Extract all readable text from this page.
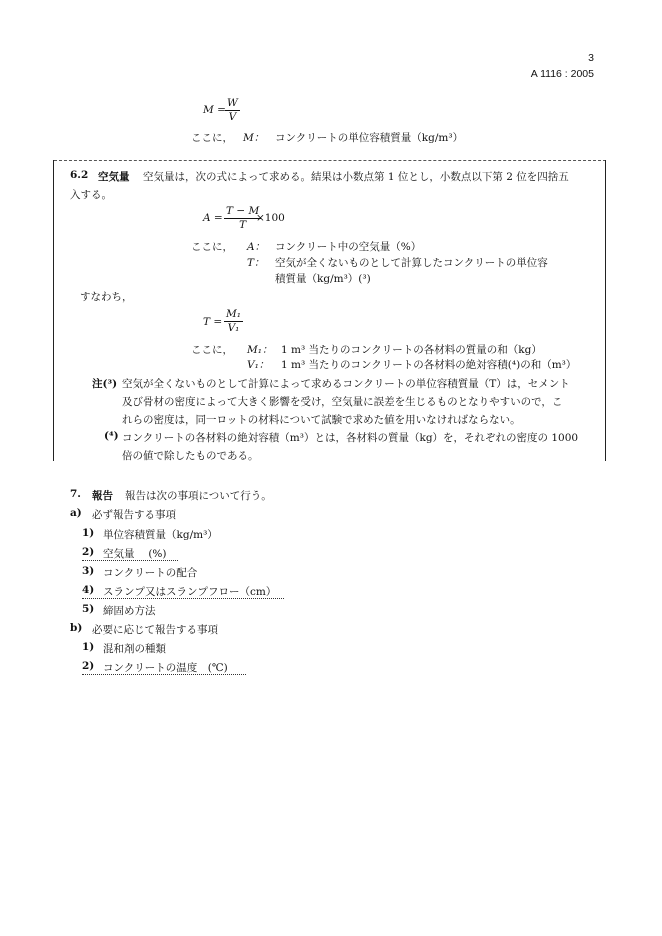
3
A 1116 : 2005
$M = \frac{W}{V}$
ここに， M： コンクリートの単位容積質量（kg/m³）
6.2 空気量 空気量は，次の式によって求める。結果は小数点第 1 位とし，小数点以下第 2 位を四捨五
入する。
$A = \frac{T - M}{T}$
×100
ここに， A： コンクリート中の空気量（%）
T： 空気が全くないものとして計算したコンクリートの単位容
積質量（kg/m³）(³)
すなわち，
$T = \frac{\text{M₁}}{\text{V₁}}$
ここに， M₁： 1 m³ 当たりのコンクリートの各材料の質量の和（kg）
V₁： 1 m³ 当たりのコンクリートの各材料の絶対容積(⁴)の和（m³）
注(³) 空気が全くないものとして計算によって求めるコンクリートの単位容積質量（T）は，セメント
及び骨材の密度によって大きく影響を受け，空気量に誤差を生じるものとなりやすいので，こ
れらの密度は，同一ロットの材料について試験で求めた値を用いなければならない。
(⁴) コンクリートの各材料の絶対容積（m³）とは，各材料の質量（kg）を，それぞれの密度の 1000
倍の値で除したものである。
7. 報告 報告は次の事項について行う。
a) 必ず報告する事項
1) 単位容積質量（kg/m³）
2) 空気量 　(%)
3) コンクリートの配合
4) スランプ又はスランプフロー（cm）
5) 締固め方法
b) 必要に応じて報告する事項
1) 混和剤の種類
2) コンクリートの温度　(℃)
